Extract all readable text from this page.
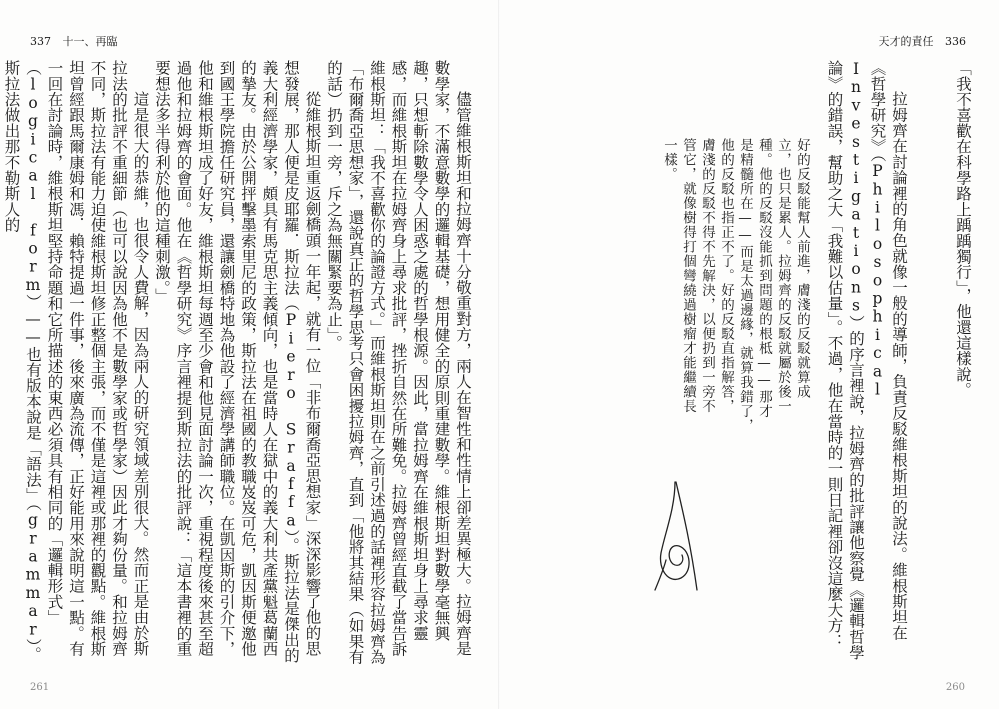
337 十一、再臨

儘管維根斯坦和拉姆齊十分敬重對方，兩人在智性和性情上卻差異極大。拉姆齊是數學家，不滿意數學的邏輯基礎，想用健全的原則重建數學。維根斯坦對數學毫無興趣，只想斬除數學令人困惑之處的哲學根源。因此，當拉姆齊在維根斯坦身上尋求靈感，而維根斯坦在拉姆齊身上尋求批評，挫折自然在所難免。拉姆齊曾經直截了當告訴維根斯坦：「我不喜歡你的論證方式。」而維根斯坦則在之前引述過的話裡形容拉姆齊為「布爾喬亞思想家」，還說真正的哲學思考只會困擾拉姆齊，直到「他將其結果（如果有的話）扔到一旁，斥之為無關緊要為止」。

從維根斯坦重返劍橋頭一年起，就有一位「非布爾喬亞思想家」深深影響了他的思想發展，那人便是皮耶羅．斯拉法（Piero Sraffa）。斯拉法是傑出的義大利經濟學家，頗具有馬克思主義傾向，也是當時人在獄中的義大利共產黨魁葛蘭西的摯友。由於公開抨擊墨索里尼的政策，斯拉法在祖國的教職岌岌可危，凱因斯便邀他到國王學院擔任研究員，還讓劍橋特地為他設了經濟學講師職位。在凱因斯的引介下，他和維根斯坦成了好友，維根斯坦每週至少會和他見面討論一次，重視程度後來甚至超過他和拉姆齊的會面。他在《哲學研究》序言裡提到斯拉法的批評說：「這本書裡的重要想法多半得利於他的這種刺激。」

這是很大的恭維，也很令人費解，因為兩人的研究領域差別很大。然而正是由於斯拉法的批評不重細節（也可以說因為他不是數學家或哲學家）因此才夠份量。和拉姆齊不同，斯拉法有能力迫使維根斯坦修正整個主張，而不僅是這裡或那裡的觀點。維根斯坦曾經跟馬爾康姆和馮．賴特提過一件事，後來廣為流傳，正好能用來說明這一點。有一回在討論時，維根斯坦堅持命題和它所描述的東西必須具有相同的「邏輯形式」（logical form）——也有版本說是「語法」（grammar）。斯拉法做出那不勒斯人的

261
天才的責任 336

「我不喜歡在科學路上踽踽獨行」，他還這樣說。

拉姆齊在討論裡的角色就像一般的導師，負責反駁維根斯坦的說法。維根斯坦在《哲學研究》（Philosophical Investigations）的序言裡說，拉姆齊的批評讓他察覺《邏輯哲學論》的錯誤，幫助之大「我難以估量」。不過，他在當時的一則日記裡卻沒這麼大方：

好的反駁能幫人前進，膚淺的反駁就算成

立，也只是累人。拉姆齊的反駁就屬於後一

種。他的反駁沒能抓到問題的根柢——那才

是精髓所在——而是太過邊緣，就算我錯了，

他的反駁也指正不了。好的反駁直指解答，

膚淺的反駁不得不先解決，以便扔到一旁不

管它，就像樹得打個彎繞過樹瘤才能繼續長

一樣。

260
